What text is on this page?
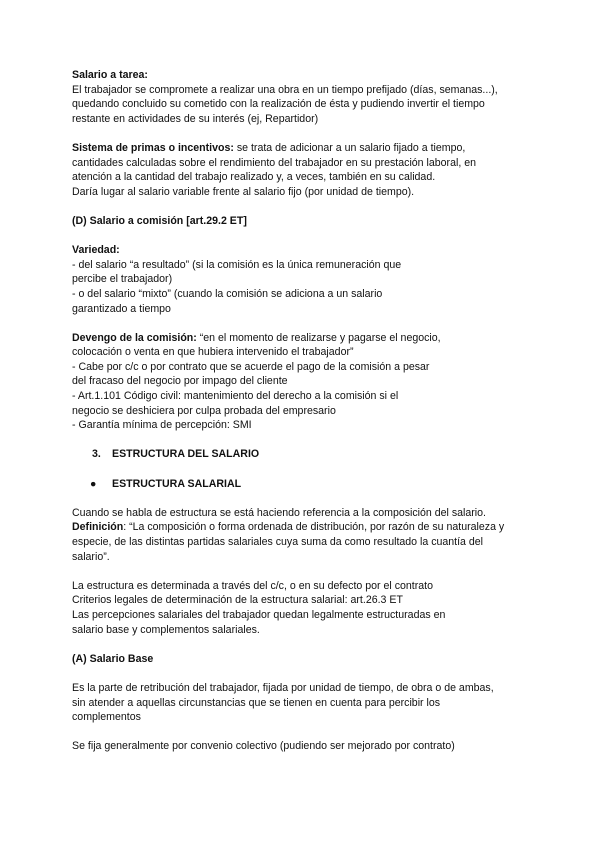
Salario a tarea:

El trabajador se compromete a realizar una obra en un tiempo prefijado (días, semanas...),

quedando concluido su cometido con la realización de ésta y pudiendo invertir el tiempo

restante en actividades de su interés (ej, Repartidor)

Sistema de primas o incentivos: se trata de adicionar a un salario fijado a tiempo,

cantidades calculadas sobre el rendimiento del trabajador en su prestación laboral, en

atención a la cantidad del trabajo realizado y, a veces, también en su calidad.

Daría lugar al salario variable frente al salario fijo (por unidad de tiempo).

(D) Salario a comisión [art.29.2 ET]

Variedad:

- del salario “a resultado” (si la comisión es la única remuneración que

percibe el trabajador)

- o del salario “mixto” (cuando la comisión se adiciona a un salario

garantizado a tiempo

Devengo de la comisión: “en el momento de realizarse y pagarse el negocio,

colocación o venta en que hubiera intervenido el trabajador”

- Cabe por c/c o por contrato que se acuerde el pago de la comisión a pesar

del fracaso del negocio por impago del cliente

- Art.1.101 Código civil: mantenimiento del derecho a la comisión si el

negocio se deshiciera por culpa probada del empresario

- Garantía mínima de percepción: SMI

3. ESTRUCTURA DEL SALARIO

● ESTRUCTURA SALARIAL

Cuando se habla de estructura se está haciendo referencia a la composición del salario.

Definición: “La composición o forma ordenada de distribución, por razón de su naturaleza y

especie, de las distintas partidas salariales cuya suma da como resultado la cuantía del

salario”.

La estructura es determinada a través del c/c, o en su defecto por el contrato

Criterios legales de determinación de la estructura salarial: art.26.3 ET

Las percepciones salariales del trabajador quedan legalmente estructuradas en

salario base y complementos salariales.

(A) Salario Base

Es la parte de retribución del trabajador, fijada por unidad de tiempo, de obra o de ambas,

sin atender a aquellas circunstancias que se tienen en cuenta para percibir los

complementos

Se fija generalmente por convenio colectivo (pudiendo ser mejorado por contrato)
